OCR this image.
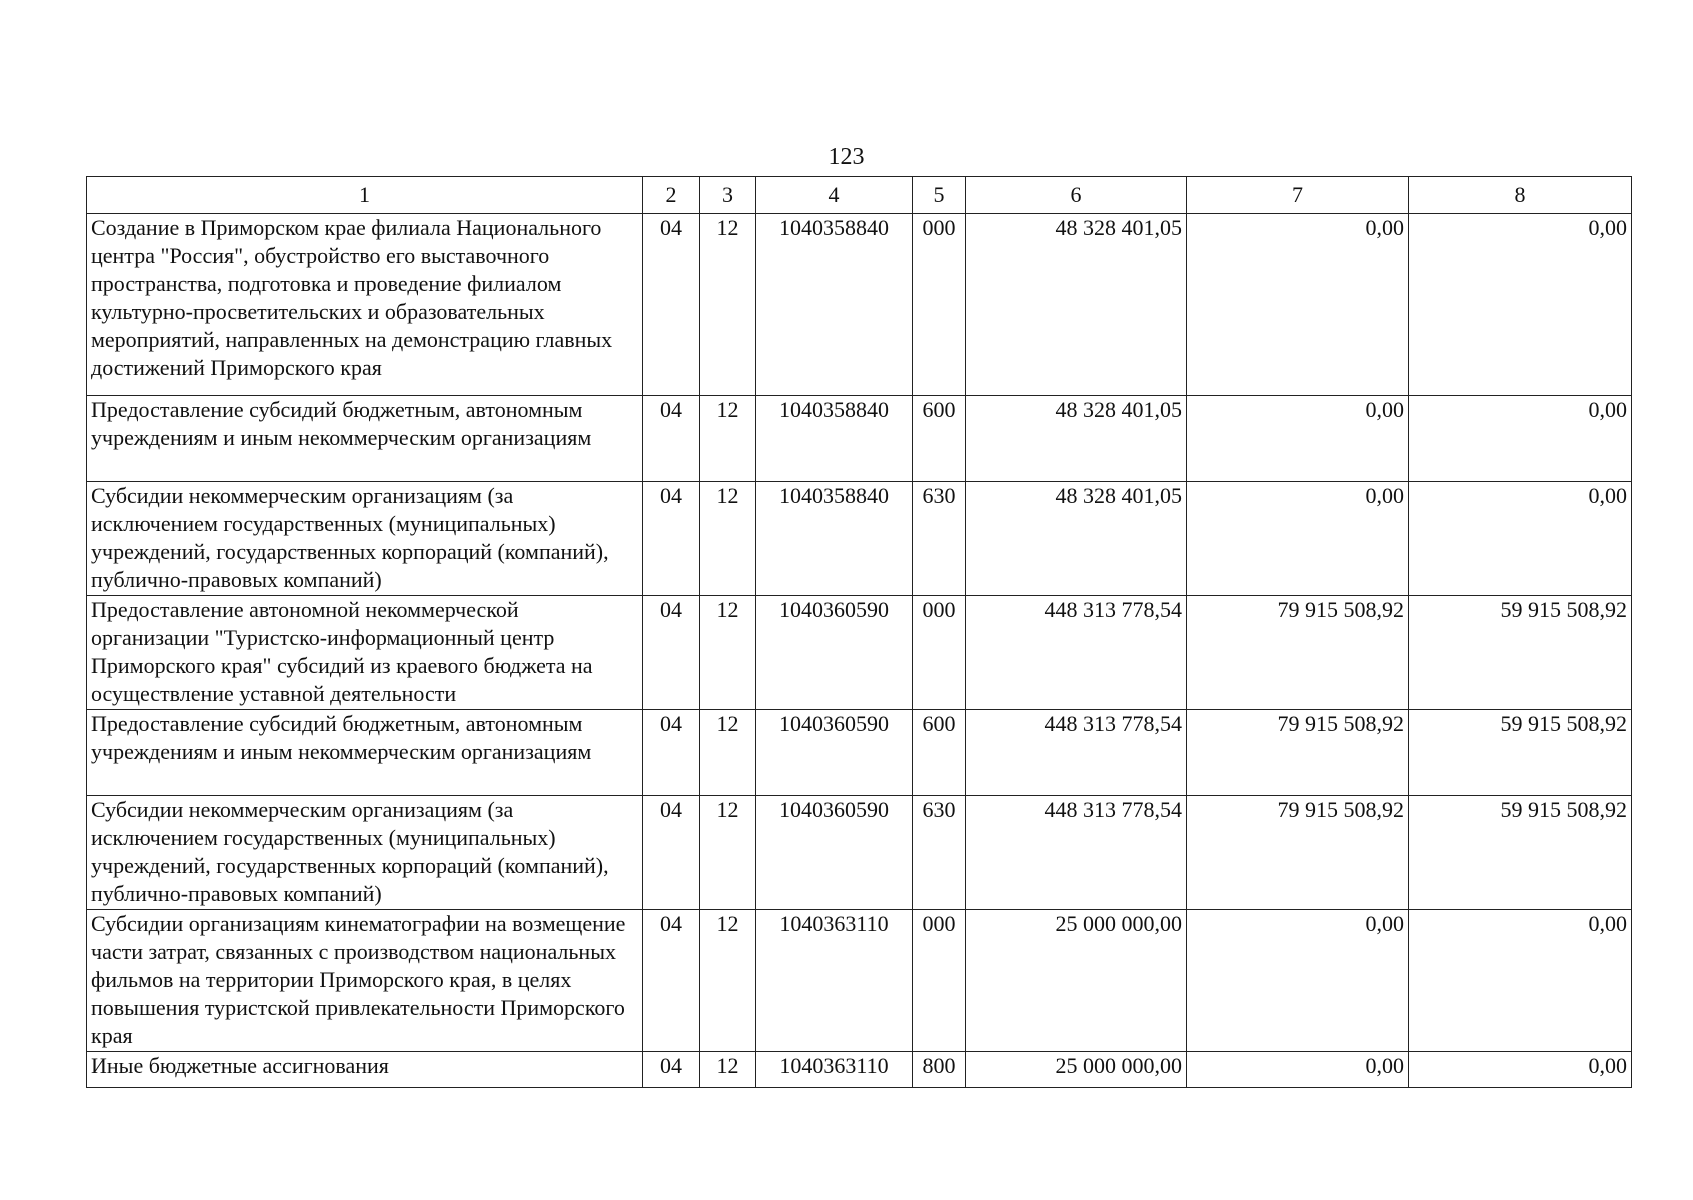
123
1	2	3	4	5	6	7	8
Создание в Приморском крае филиала Национального центра "Россия", обустройство его выставочного пространства, подготовка и проведение филиалом культурно-просветительских и образовательных мероприятий, направленных на демонстрацию главных достижений Приморского края	04	12	1040358840	000	48 328 401,05	0,00	0,00
Предоставление субсидий бюджетным, автономным учреждениям и иным некоммерческим организациям	04	12	1040358840	600	48 328 401,05	0,00	0,00
Субсидии некоммерческим организациям (за исключением государственных (муниципальных) учреждений, государственных корпораций (компаний), публично-правовых компаний)	04	12	1040358840	630	48 328 401,05	0,00	0,00
Предоставление автономной некоммерческой организации "Туристско-информационный центр Приморского края" субсидий из краевого бюджета на осуществление уставной деятельности	04	12	1040360590	000	448 313 778,54	79 915 508,92	59 915 508,92
Предоставление субсидий бюджетным, автономным учреждениям и иным некоммерческим организациям	04	12	1040360590	600	448 313 778,54	79 915 508,92	59 915 508,92
Субсидии некоммерческим организациям (за исключением государственных (муниципальных) учреждений, государственных корпораций (компаний), публично-правовых компаний)	04	12	1040360590	630	448 313 778,54	79 915 508,92	59 915 508,92
Субсидии организациям кинематографии на возмещение части затрат, связанных с производством национальных фильмов на территории Приморского края, в целях повышения туристской привлекательности Приморского края	04	12	1040363110	000	25 000 000,00	0,00	0,00
Иные бюджетные ассигнования	04	12	1040363110	800	25 000 000,00	0,00	0,00
